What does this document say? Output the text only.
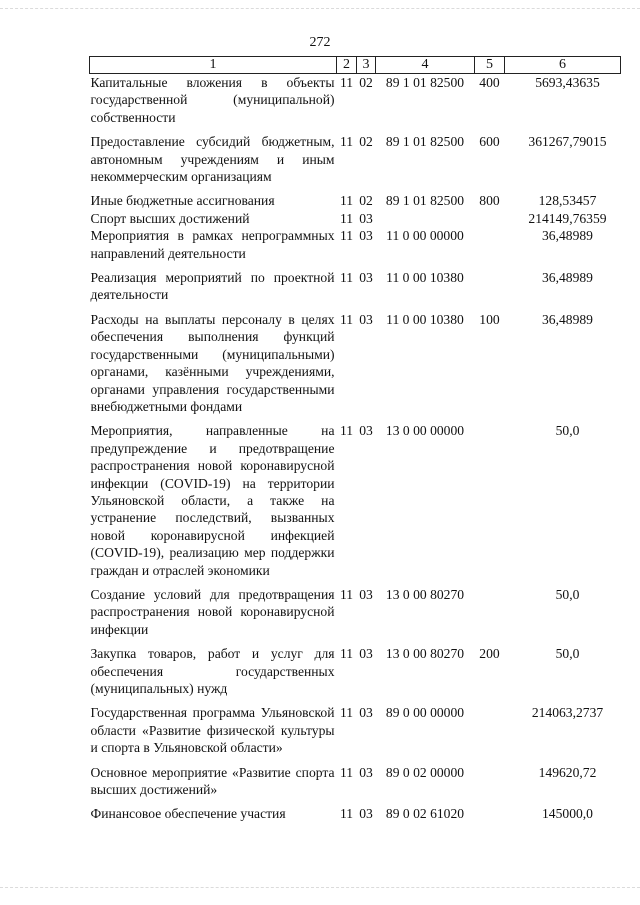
272
1	2	3	4	5	6
Капитальные вложения в объекты государственной (муниципальной) собственности	11	02	89 1 01 82500	400	5693,43635
Предоставление субсидий бюджетным, автономным учреждениям и иным некоммерческим организациям	11	02	89 1 01 82500	600	361267,79015
Иные бюджетные ассигнования	11	02	89 1 01 82500	800	128,53457
Спорт высших достижений	11	03			214149,76359
Мероприятия в рамках непрограммных направлений деятельности	11	03	11 0 00 00000		36,48989
Реализация мероприятий по проектной деятельности	11	03	11 0 00 10380		36,48989
Расходы на выплаты персоналу в целях обеспечения выполнения функций государственными (муниципальными) органами, казёнными учреждениями, органами управления государственными внебюджетными фондами	11	03	11 0 00 10380	100	36,48989
Мероприятия, направленные на предупреждение и предотвращение распространения новой коронавирусной инфекции (COVID-19) на территории Ульяновской области, а также на устранение последствий, вызванных новой коронавирусной инфекцией (COVID-19), реализацию мер поддержки граждан и отраслей экономики	11	03	13 0 00 00000		50,0
Создание условий для предотвращения распространения новой коронавирусной инфекции	11	03	13 0 00 80270		50,0
Закупка товаров, работ и услуг для обеспечения государственных (муниципальных) нужд	11	03	13 0 00 80270	200	50,0
Государственная программа Ульяновской области «Развитие физической культуры и спорта в Ульяновской области»	11	03	89 0 00 00000		214063,2737
Основное мероприятие «Развитие спорта высших достижений»	11	03	89 0 02 00000		149620,72
Финансовое обеспечение участия	11	03	89 0 02 61020		145000,0
